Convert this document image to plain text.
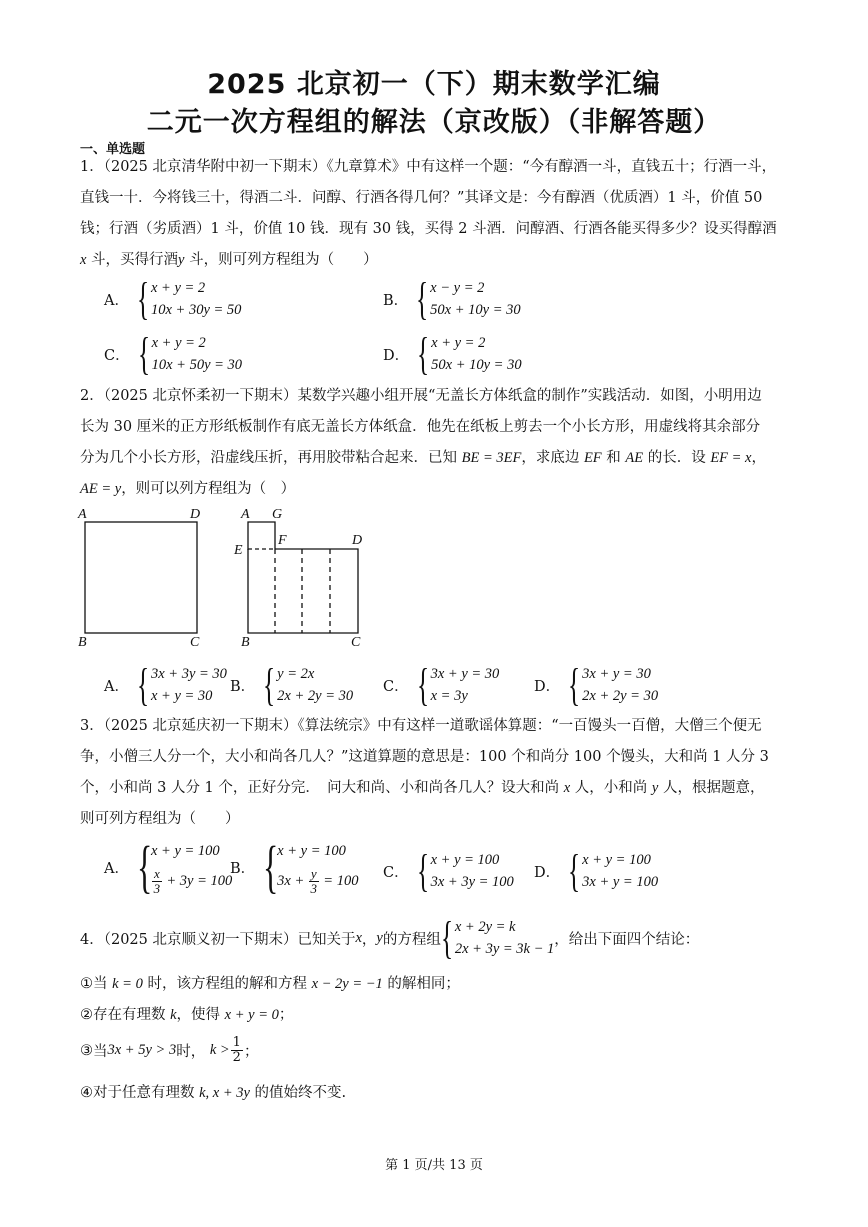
2025 北京初一（下）期末数学汇编
二元一次方程组的解法（京改版）（非解答题）
一、单选题
1．（2025 北京清华附中初一下期末）《九章算术》中有这样一个题：“今有醇酒一斗，直钱五十；行酒一斗，
直钱一十．今将钱三十，得酒二斗．问醇、行酒各得几何？”其译文是：今有醇酒（优质酒）1 斗，价值 50
钱；行酒（劣质酒）1 斗，价值 10 钱．现有 30 钱，买得 2 斗酒．问醇酒、行酒各能买得多少？设买得醇酒
x 斗，买得行酒y 斗，则可列方程组为（　　）
A． { x + y = 2
10x + 30y = 50
B． { x − y = 2
50x + 10y = 30
C． { x + y = 2
10x + 50y = 30
D． { x + y = 2
50x + 10y = 30
2．（2025 北京怀柔初一下期末）某数学兴趣小组开展“无盖长方体纸盒的制作”实践活动．如图，小明用边
长为 30 厘米的正方形纸板制作有底无盖长方体纸盒．他先在纸板上剪去一个小长方形，用虚线将其余部分
分为几个小长方形，沿虚线压折，再用胶带粘合起来．已知 BE = 3EF，求底边 EF 和 AE 的长．设 EF = x，
AE = y，则可以列方程组为（　）
A	D
B	C
A G
E
F	D
B	C
A． { 3x + 3y = 30
x + y = 30
B． { y = 2x
2x + 2y = 30
C． { 3x + y = 30
x = 3y
D． { 3x + y = 30
2x + 2y = 30
3．（2025 北京延庆初一下期末）《算法统宗》中有这样一道歌谣体算题：“一百馒头一百僧，大僧三个便无
争，小僧三人分一个，大小和尚各几人？”这道算题的意思是：100 个和尚分 100 个馒头，大和尚 1 人分 3
个，小和尚 3 人分 1 个，正好分完．　问大和尚、小和尚各几人？设大和尚 x 人，小和尚 y 人，根据题意，
则可列方程组为（　　）
A． {
x + y = 100
$\frac{x}{3}$
+ 3y = 100
B． {
x + y = 100
3x +
$\frac{y}{3}$
= 100
C． { x + y = 100
3x + 3y = 100
D． { x + y = 100
3x + y = 100
4．（2025 北京顺义初一下期末）已知关于 x ， y 的方程组 { x + 2y = k
2x + 3y = 3k − 1
，给出下面四个结论：
①当 k = 0 时，该方程组的解和方程 x − 2y = −1 的解相同；
②存在有理数 k，使得 x + y = 0；
③ 当 3x + 5y > 3 时，
$k > \frac{1}{2}$ ；
④对于任意有理数 k, x + 3y 的值始终不变.
第 1 页/共 13 页
